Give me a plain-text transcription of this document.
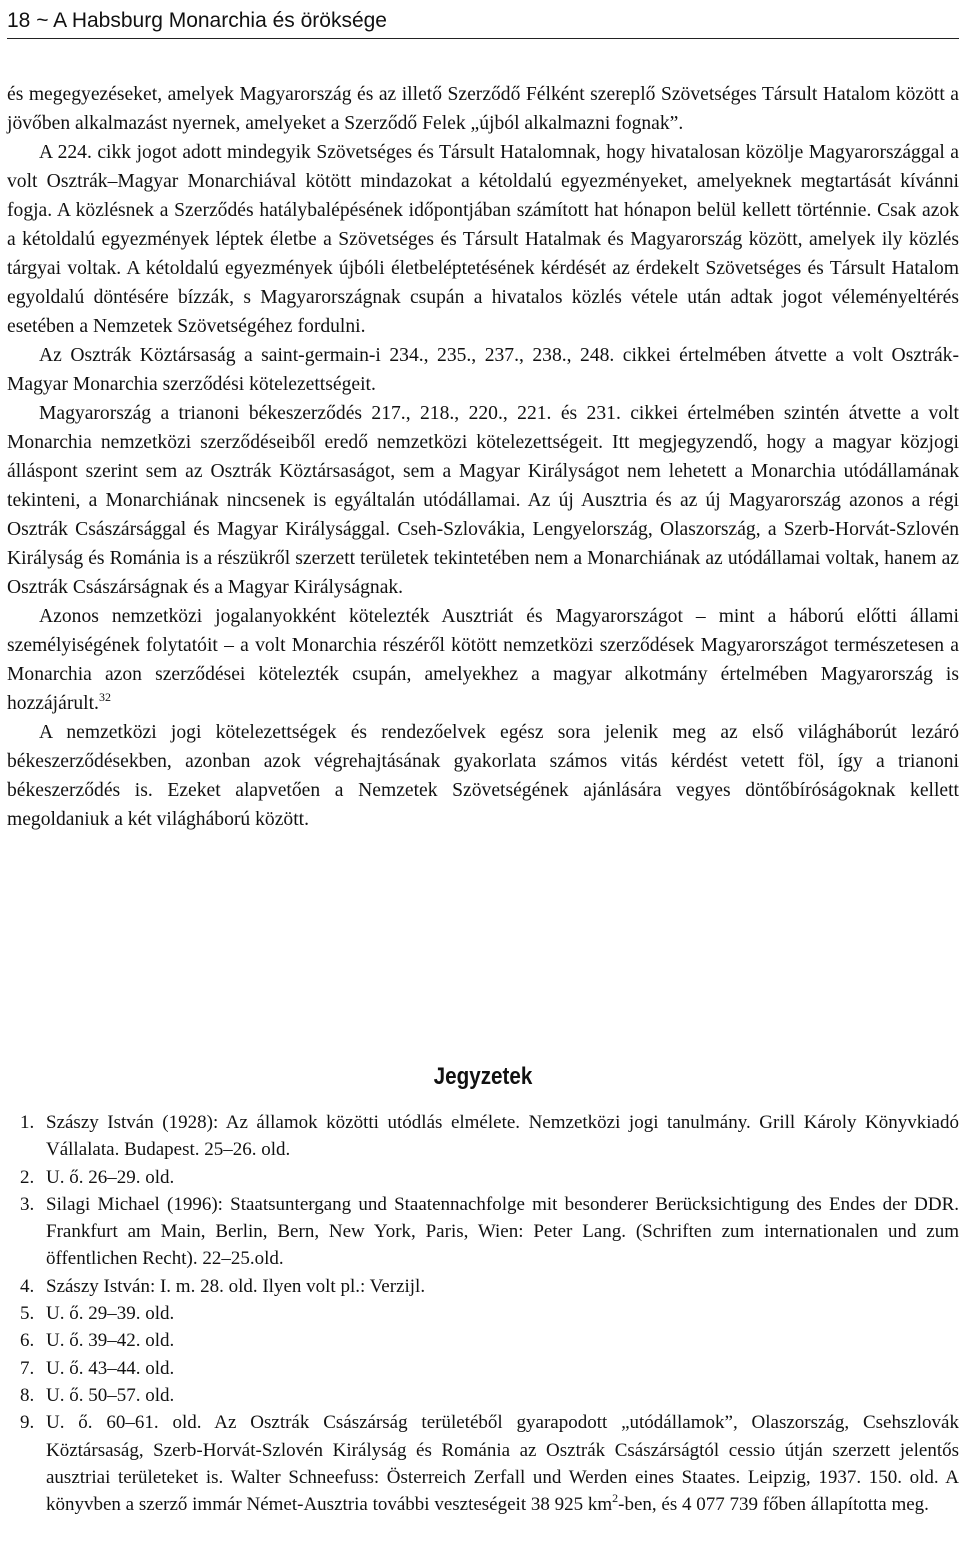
18 ~ A Habsburg Monarchia és öröksége

és megegyezéseket, amelyek Magyarország és az illető Szerződő Félként szereplő Szövetséges Társult Hatalom között a jövőben alkalmazást nyernek, amelyeket a Szerződő Felek „újból alkalmazni fognak”.

A 224. cikk jogot adott mindegyik Szövetséges és Társult Hatalomnak, hogy hivatalosan közölje Magyarországgal a volt Osztrák–Magyar Monarchiával kötött mindazokat a kétoldalú egyezményeket, amelyeknek megtartását kívánni fogja. A közlésnek a Szerződés hatálybalépésének időpontjában számított hat hónapon belül kellett történnie. Csak azok a kétoldalú egyezmények léptek életbe a Szövetséges és Társult Hatalmak és Magyarország között, amelyek ily közlés tárgyai voltak. A kétoldalú egyezmények újbóli életbeléptetésének kérdését az érdekelt Szövetséges és Társult Hatalom egyoldalú döntésére bízzák, s Magyarországnak csupán a hivatalos közlés vétele után adtak jogot véleményeltérés esetében a Nemzetek Szövetségéhez fordulni.

Az Osztrák Köztársaság a saint-germain-i 234., 235., 237., 238., 248. cikkei értelmében átvette a volt Osztrák-Magyar Monarchia szerződési kötelezettségeit.

Magyarország a trianoni békeszerződés 217., 218., 220., 221. és 231. cikkei értelmében szintén átvette a volt Monarchia nemzetközi szerződéseiből eredő nemzetközi kötelezettségeit. Itt megjegyzendő, hogy a magyar közjogi álláspont szerint sem az Osztrák Köztársaságot, sem a Magyar Királyságot nem lehetett a Monarchia utódállamának tekinteni, a Monarchiának nincsenek is egyáltalán utódállamai. Az új Ausztria és az új Magyarország azonos a régi Osztrák Császársággal és Magyar Királysággal. Cseh-Szlovákia, Lengyelország, Olaszország, a Szerb-Horvát-Szlovén Királyság és Románia is a részükről szerzett területek tekintetében nem a Monarchiának az utódállamai voltak, hanem az Osztrák Császárságnak és a Magyar Királyságnak.

Azonos nemzetközi jogalanyokként kötelezték Ausztriát és Magyarországot – mint a háború előtti állami személyiségének folytatóit – a volt Monarchia részéről kötött nemzetközi szerződések Magyarországot természetesen a Monarchia azon szerződései kötelezték csupán, amelyekhez a magyar alkotmány értelmében Magyarország is hozzájárult.$^{32}$

A nemzetközi jogi kötelezettségek és rendezőelvek egész sora jelenik meg az első világháborút lezáró békeszerződésekben, azonban azok végrehajtásának gyakorlata számos vitás kérdést vetett föl, így a trianoni békeszerződés is. Ezeket alapvetően a Nemzetek Szövetségének ajánlására vegyes döntőbíróságoknak kellett megoldaniuk a két világháború között.

Jegyzetek
1. Szászy István (1928): Az államok közötti utódlás elmélete. Nemzetközi jogi tanulmány. Grill Károly Könyvkiadó Vállalata. Budapest. 25–26. old.
2. U. ő. 26–29. old.
3. Silagi Michael (1996): Staatsuntergang und Staatennachfolge mit besonderer Berücksichtigung des Endes der DDR. Frankfurt am Main, Berlin, Bern, New York, Paris, Wien: Peter Lang. (Schriften zum internationalen und zum öffentlichen Recht). 22–25.old.
4. Szászy István: I. m. 28. old. Ilyen volt pl.: Verzijl.
5. U. ő. 29–39. old.
6. U. ő. 39–42. old.
7. U. ő. 43–44. old.
8. U. ő. 50–57. old.
9. U. ő. 60–61. old. Az Osztrák Császárság területéből gyarapodott „utódállamok”, Olaszország, Csehszlovák Köztársaság, Szerb-Horvát-Szlovén Királyság és Románia az Osztrák Császárságtól cessio útján szerzett jelentős ausztriai területeket is. Walter Schneefuss: Österreich Zerfall und Werden eines Staates. Leipzig, 1937. 150. old. A könyvben a szerző immár Német-Ausztria további veszteségeit 38 925 $km^2$-ben, és 4 077 739 főben állapította meg.
